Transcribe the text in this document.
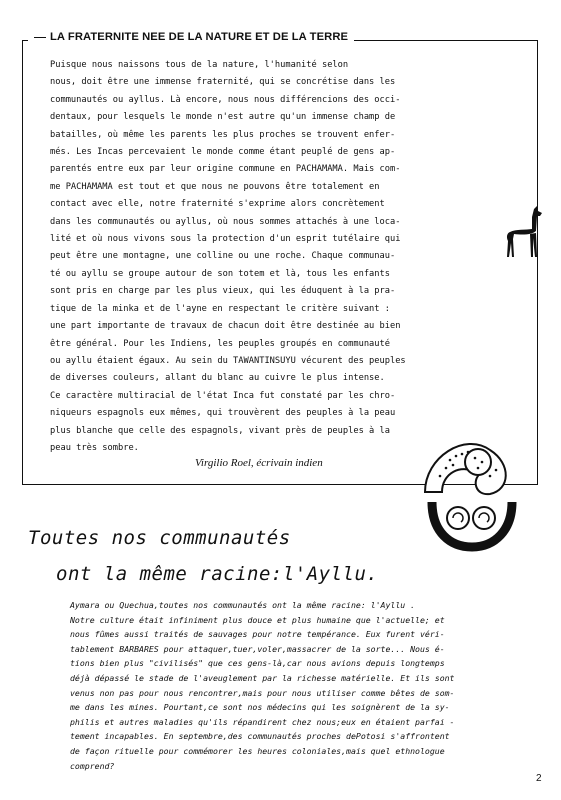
LA FRATERNITE NEE DE LA NATURE ET DE LA TERRE
Puisque nous naissons tous de la nature, l'humanité selon
nous, doit être une immense fraternité, qui se concrétise dans les
communautés ou ayllus. Là encore, nous nous différencions des occi-
dentaux, pour lesquels le monde n'est autre qu'un immense champ de
batailles, où même les parents les plus proches se trouvent enfer-
més. Les Incas percevaient le monde comme étant peuplé de gens ap-
parentés entre eux par leur origine commune en PACHAMAMA. Mais com-
me PACHAMAMA est tout et que nous ne pouvons être totalement en
contact avec elle, notre fraternité s'exprime alors concrètement
dans les communautés ou ayllus, où nous sommes attachés à une loca-
lité et où nous vivons sous la protection d'un esprit tutélaire qui
peut être une montagne, une colline ou une roche. Chaque communau-
té ou ayllu se groupe autour de son totem et là, tous les enfants
sont pris en charge par les plus vieux, qui les éduquent à la pra-
tique de la minka et de l'ayne en respectant le critère suivant :
une part importante de travaux de chacun doit être destinée au bien
être général. Pour les Indiens, les peuples groupés en communauté
ou ayllu étaient égaux. Au sein du TAWANTINSUYU vécurent des peuples
de diverses couleurs, allant du blanc au cuivre le plus intense.
Ce caractère multiracial de l'état Inca fut constaté par les chro-
niqueurs espagnols eux mêmes, qui trouvèrent des peuples à la peau
plus blanche que celle des espagnols, vivant près de peuples à la
peau très sombre.
Virgilio Roel, écrivain indien
Toutes nos communautés
ont la même racine:l'Ayllu.
Aymara ou Quechua,toutes nos communautés ont la même racine: l'Ayllu .
Notre culture était infiniment plus douce et plus humaine que l'actuelle; et
nous fûmes aussi traités de sauvages pour notre tempérance. Eux furent véri-
tablement BARBARES pour attaquer,tuer,voler,massacrer de la sorte... Nous é-
tions bien plus "civilisés" que ces gens-là,car nous avions depuis longtemps
déjà dépassé le stade de l'aveuglement par la richesse matérielle. Et ils sont
venus non pas pour nous rencontrer,mais pour nous utiliser comme bêtes de som-
me dans les mines. Pourtant,ce sont nos médecins qui les soignèrent de la sy-
philis et autres maladies qu'ils répandirent chez nous;eux en étaient parfai -
tement incapables. En septembre,des communautés proches dePotosi s'affrontent
de façon rituelle pour commémorer les heures coloniales,mais quel ethnologue
comprend?
2
